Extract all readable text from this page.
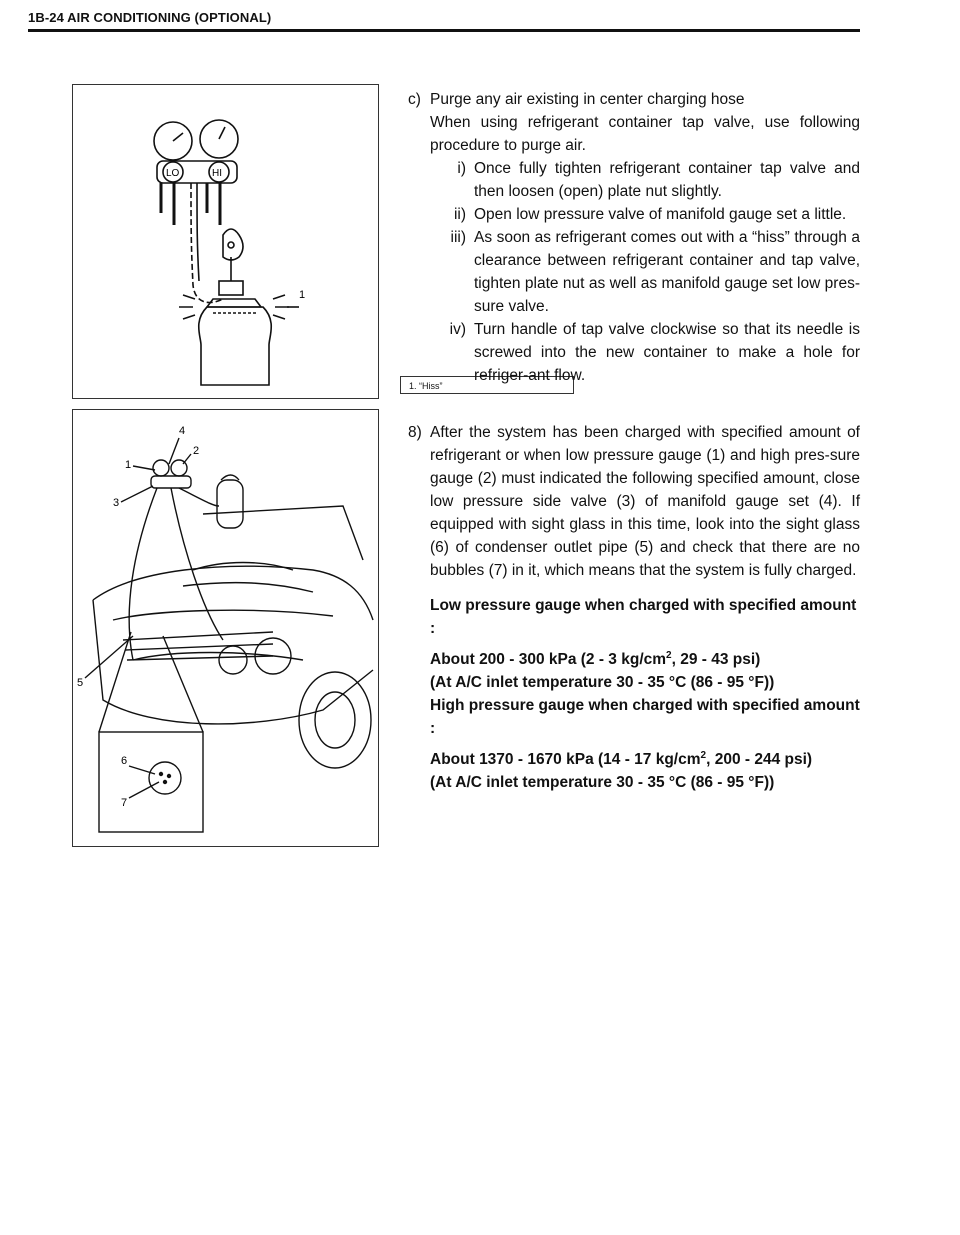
1B-24 AIR CONDITIONING (OPTIONAL)
LO	HI
1
1. “Hiss”
1
4
2
3
5
6
7
c) Purge any air existing in center charging hose
When using refrigerant container tap valve, use following procedure to purge air.
i) Once fully tighten refrigerant container tap valve and then loosen (open) plate nut slightly.
ii) Open low pressure valve of manifold gauge set a little.
iii) As soon as refrigerant comes out with a “hiss” through a clearance between refrigerant container and tap valve, tighten plate nut as well as manifold gauge set low pres-sure valve.
iv) Turn handle of tap valve clockwise so that its needle is screwed into the new container to make a hole for refriger-ant flow.
8) After the system has been charged with specified amount of refrigerant or when low pressure gauge (1) and high pres-sure gauge (2) must indicated the following specified amount, close low pressure side valve (3) of manifold gauge set (4). If equipped with sight glass in this time, look into the sight glass (6) of condenser outlet pipe (5) and check that there are no bubbles (7) in it, which means that the system is fully charged.

Low pressure gauge when charged with specified amount :

About 200 - 300 kPa (2 - 3 $kg/cm^2$, 29 - 43 psi)

(At A/C inlet temperature 30 - 35 °C (86 - 95 °F))

High pressure gauge when charged with specified amount :

About 1370 - 1670 kPa (14 - 17 $kg/cm^2$, 200 - 244 psi)

(At A/C inlet temperature 30 - 35 °C (86 - 95 °F))
